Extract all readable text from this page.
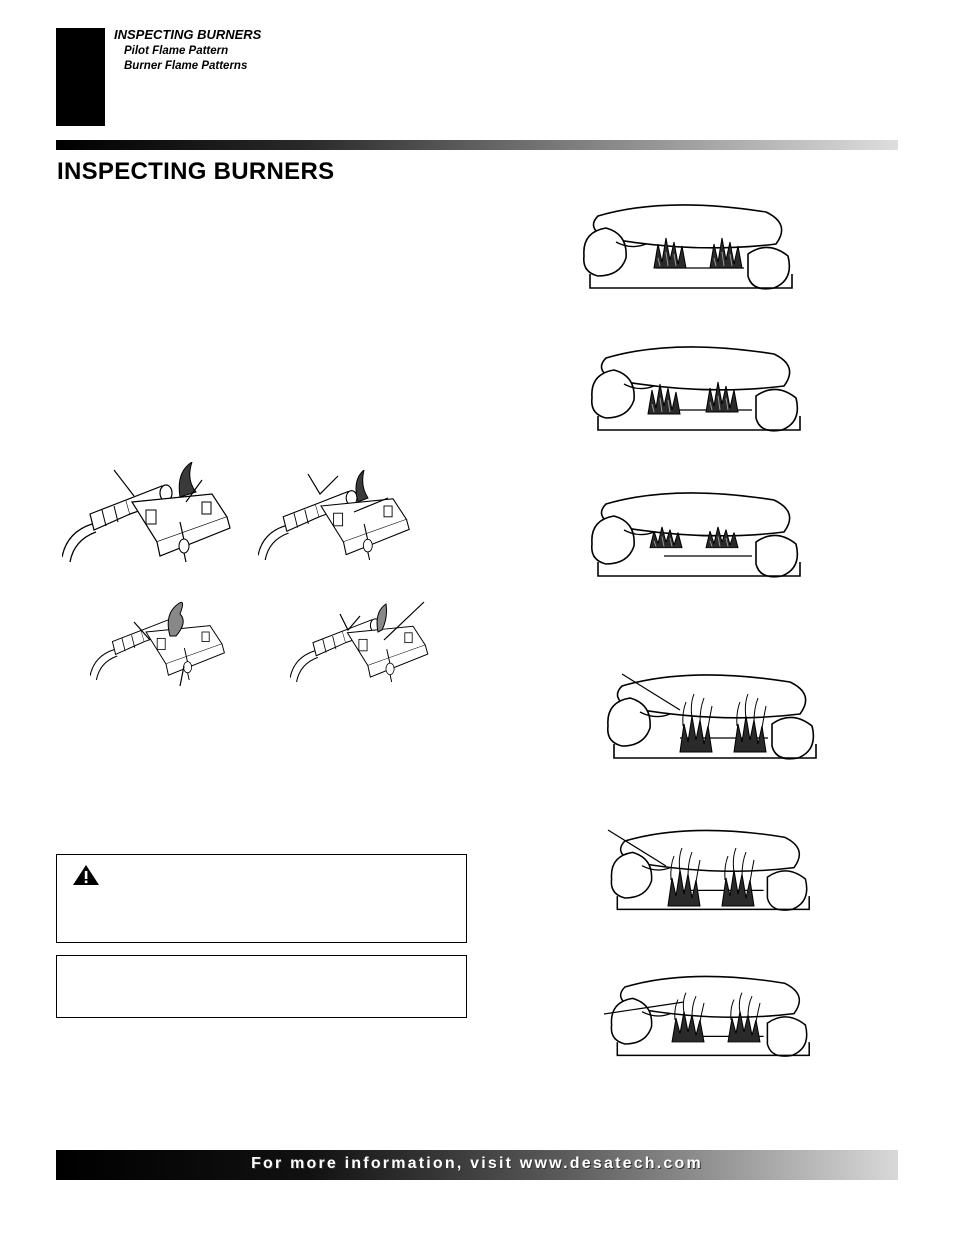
INSPECTING BURNERS
Pilot Flame Pattern
Burner Flame Patterns
INSPECTING BURNERS
For more information, visit www.desatech.com
